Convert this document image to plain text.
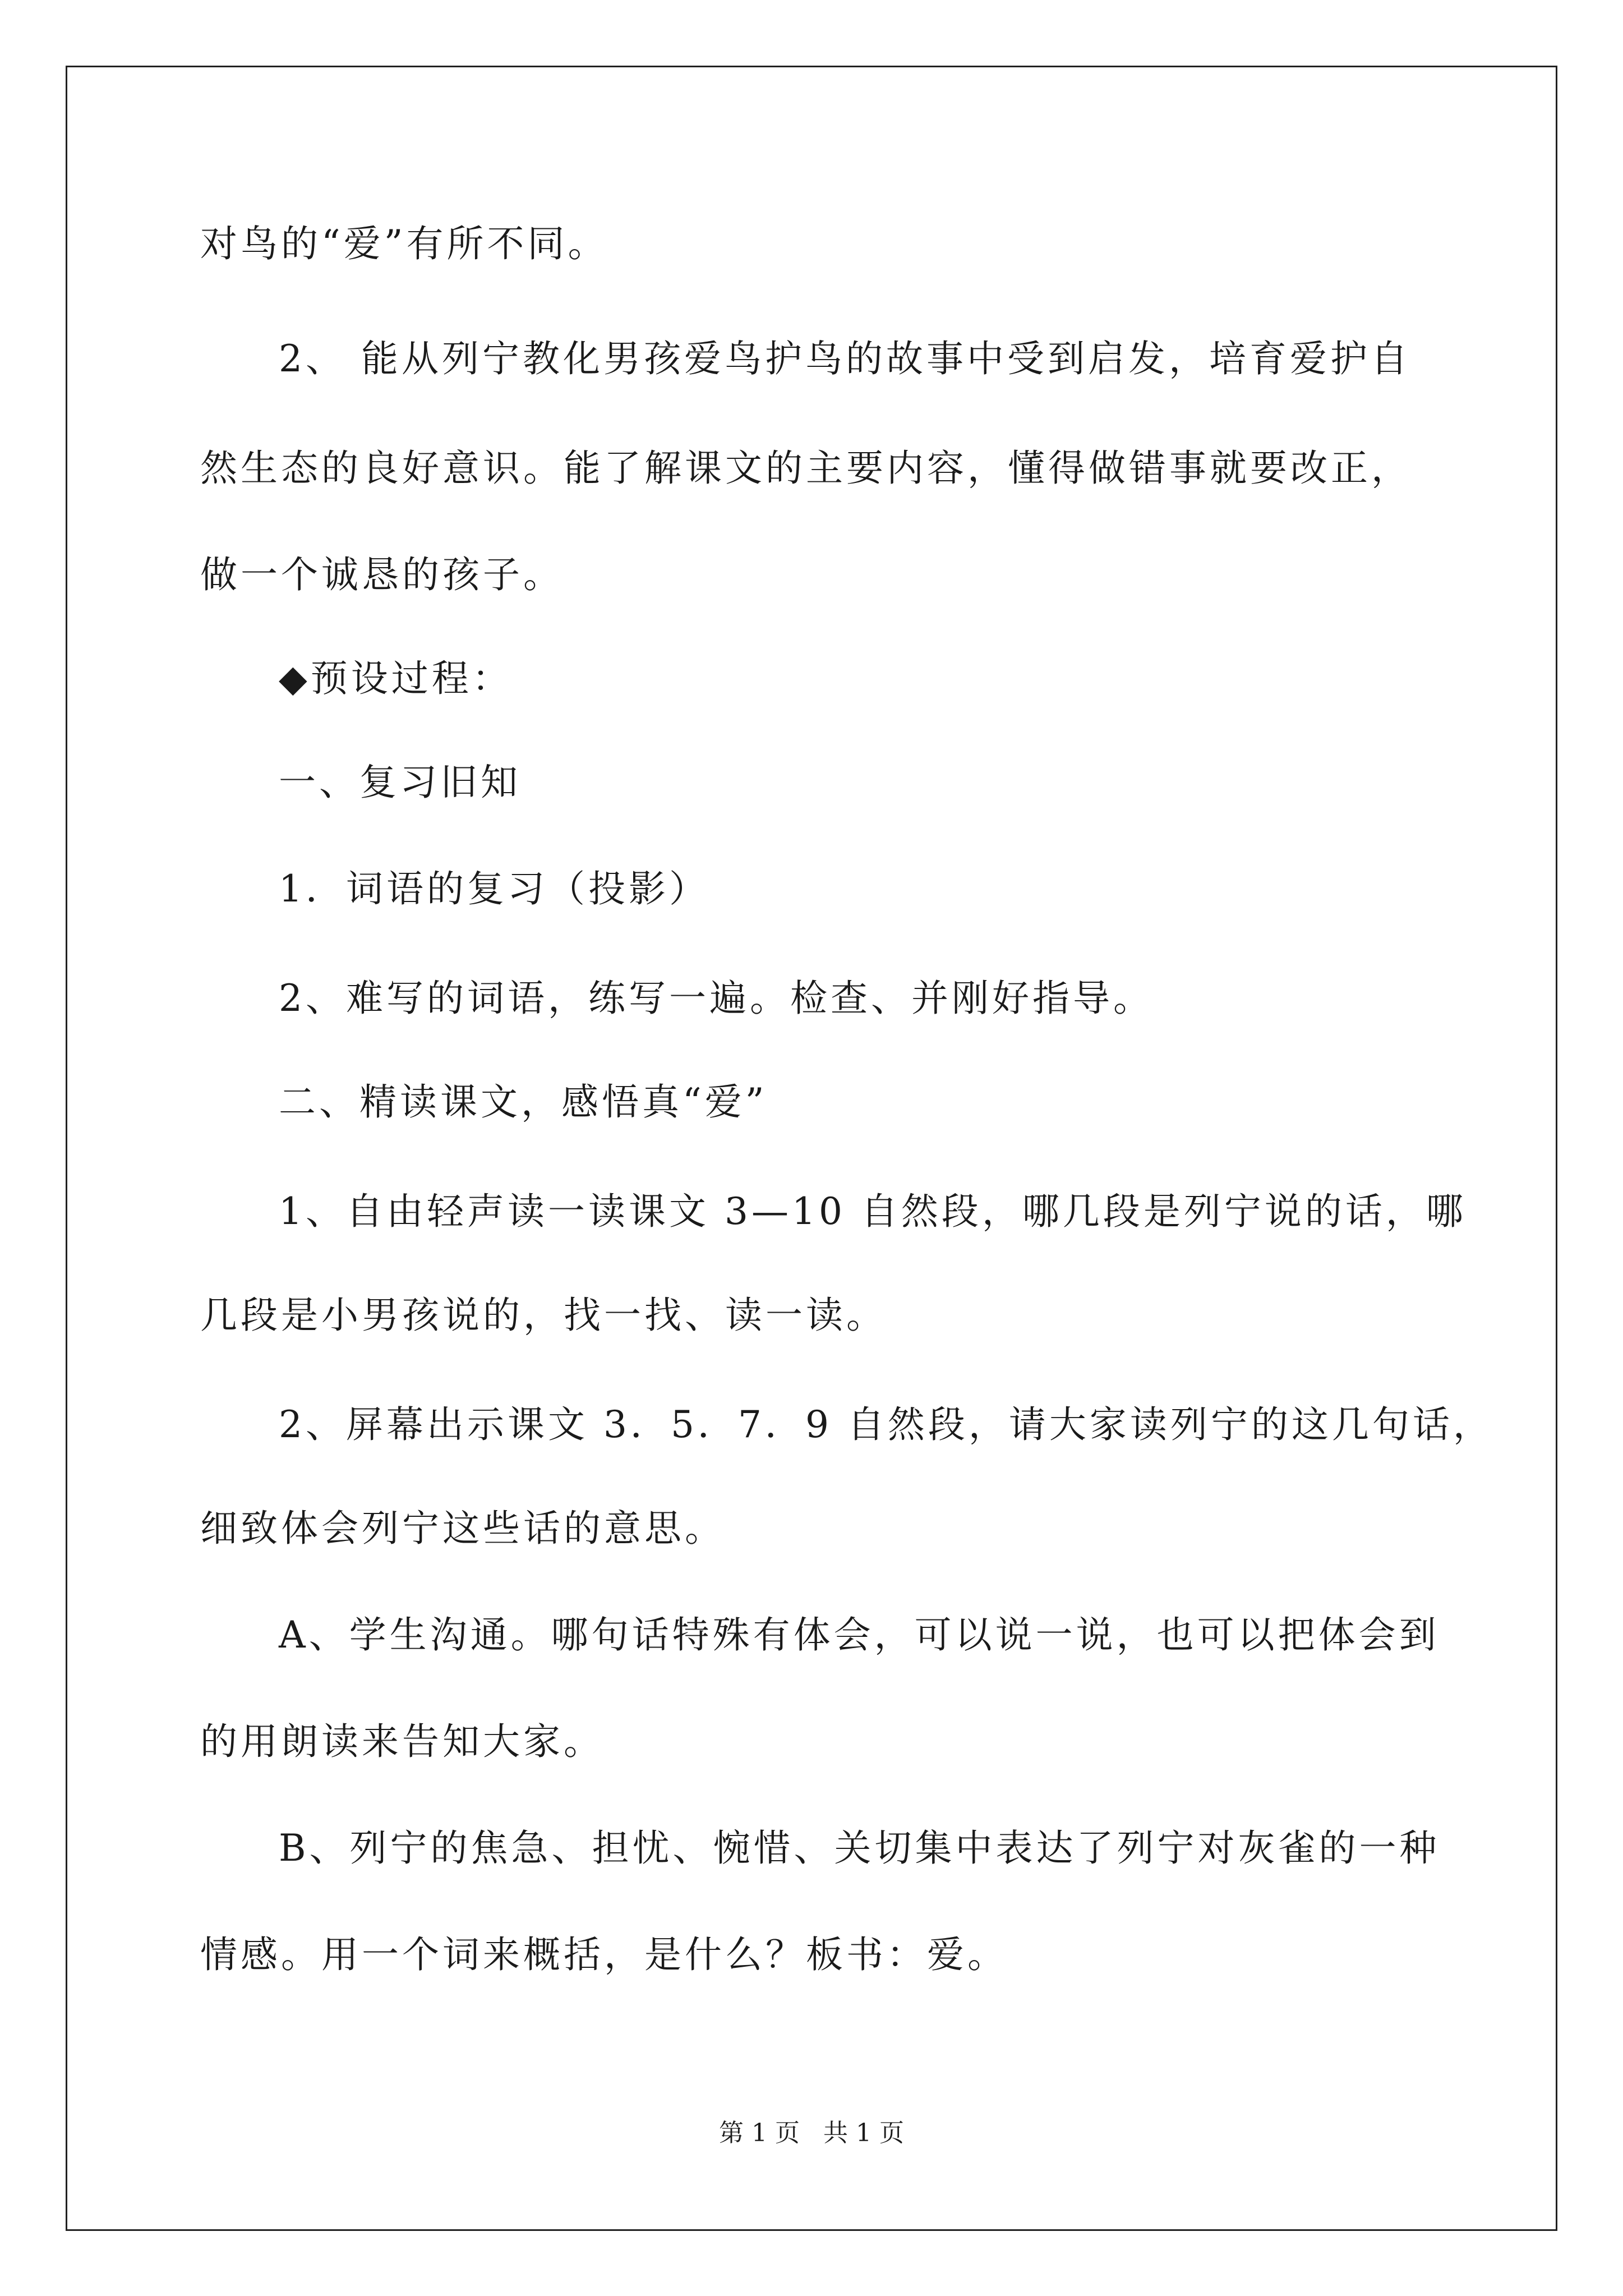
对鸟的“爱”有所不同。
2、 能从列宁教化男孩爱鸟护鸟的故事中受到启发，培育爱护自
然生态的良好意识。能了解课文的主要内容，懂得做错事就要改正，
做一个诚恳的孩子。
◆预设过程：
一、复习旧知
1．词语的复习（投影）
2、难写的词语，练写一遍。检查、并刚好指导。
二、精读课文，感悟真“爱”
1、自由轻声读一读课文 3—10 自然段，哪几段是列宁说的话，哪
几段是小男孩说的，找一找、读一读。
2、屏幕出示课文 3．5．7．9 自然段，请大家读列宁的这几句话，
细致体会列宁这些话的意思。
A、学生沟通。哪句话特殊有体会，可以说一说，也可以把体会到
的用朗读来告知大家。
B、列宁的焦急、担忧、惋惜、关切集中表达了列宁对灰雀的一种
情感。用一个词来概括，是什么？板书：爱。
第 1 页   共 1 页
